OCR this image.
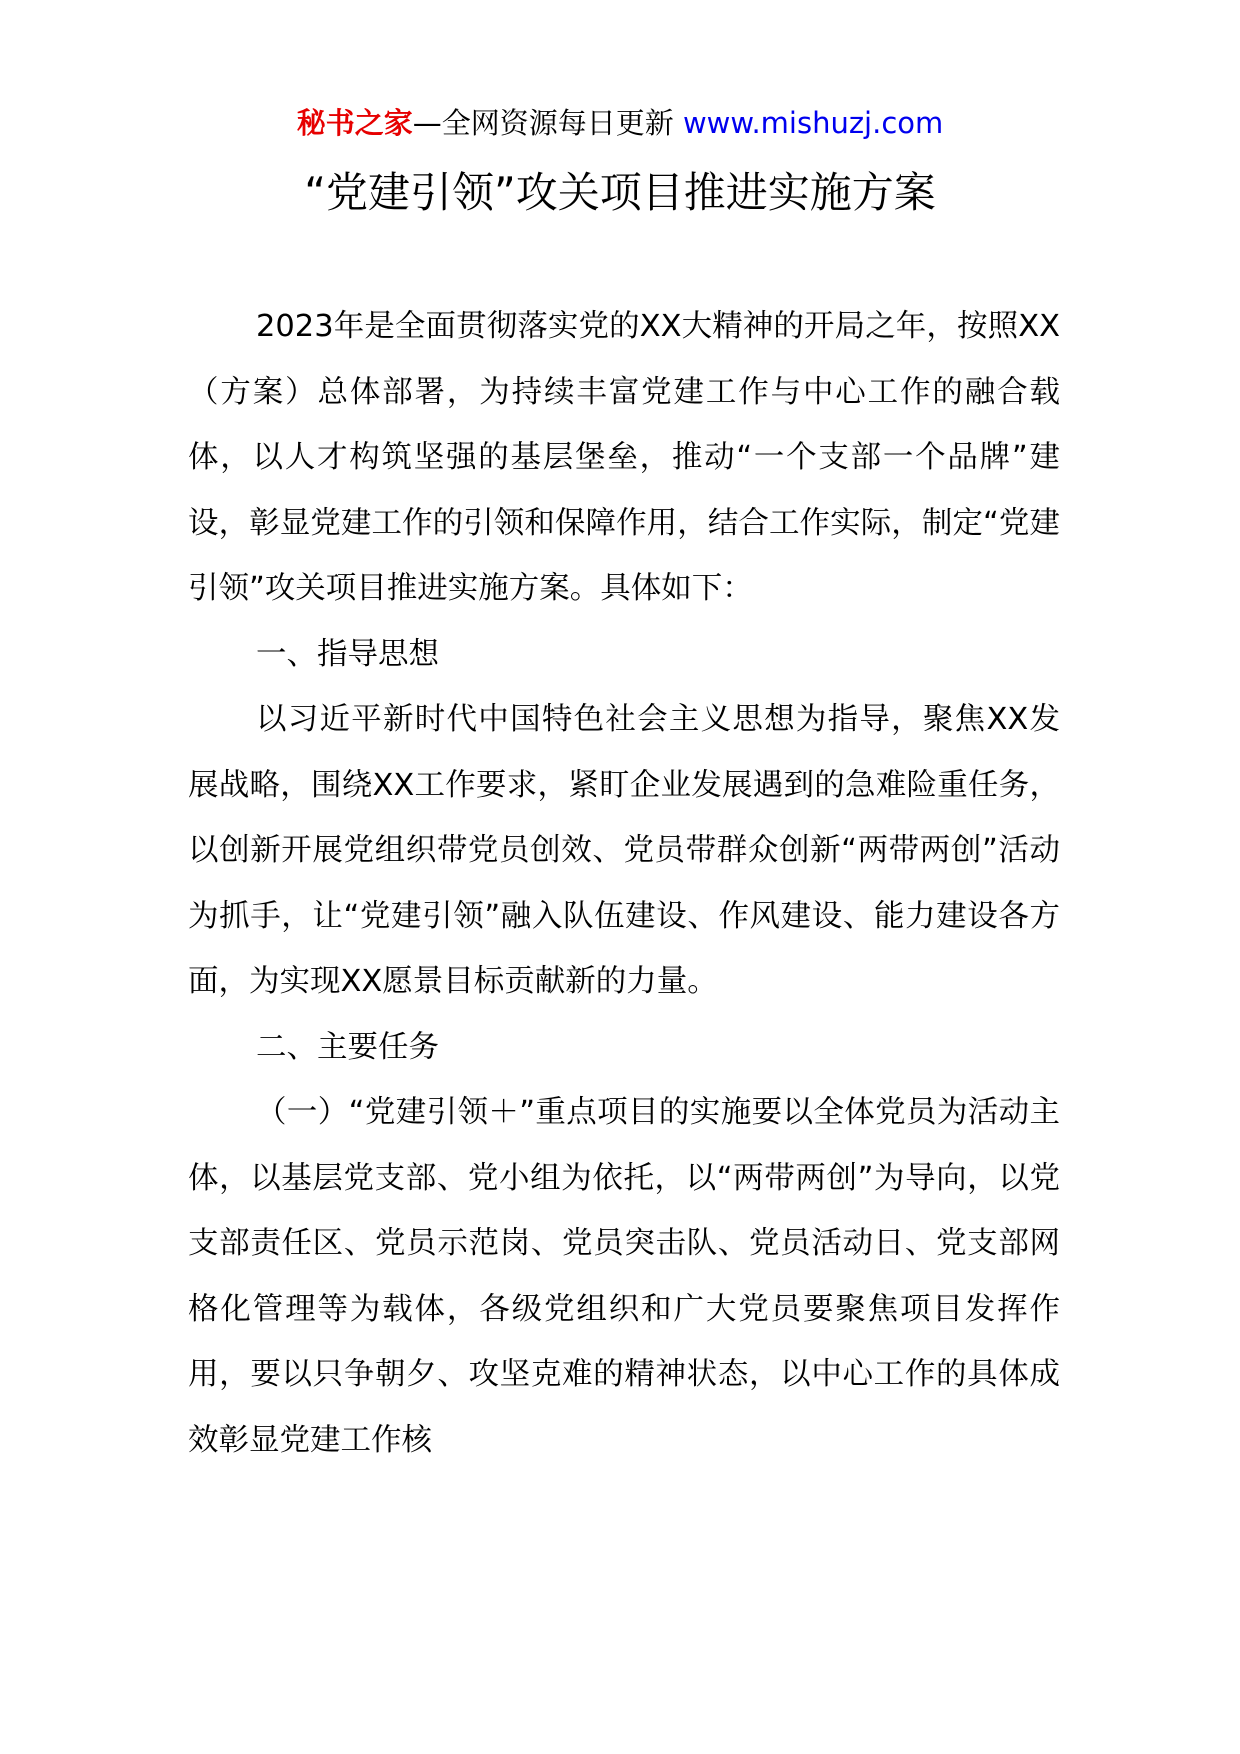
秘书之家—全网资源每日更新 www.mishuzj.com
“党建引领”攻关项目推进实施方案

2023年是全面贯彻落实党的XX大精神的开局之年，按照XX（方案）总体部署，为持续丰富党建工作与中心工作的融合载体，以人才构筑坚强的基层堡垒，推动“一个支部一个品牌”建设，彰显党建工作的引领和保障作用，结合工作实际，制定“党建引领”攻关项目推进实施方案。具体如下：

一、指导思想

以习近平新时代中国特色社会主义思想为指导，聚焦XX发展战略，围绕XX工作要求，紧盯企业发展遇到的急难险重任务，以创新开展党组织带党员创效、党员带群众创新“两带两创”活动为抓手，让“党建引领”融入队伍建设、作风建设、能力建设各方面，为实现XX愿景目标贡献新的力量。

二、主要任务

（一）“党建引领＋”重点项目的实施要以全体党员为活动主体，以基层党支部、党小组为依托，以“两带两创”为导向，以党支部责任区、党员示范岗、党员突击队、党员活动日、党支部网格化管理等为载体，各级党组织和广大党员要聚焦项目发挥作用，要以只争朝夕、攻坚克难的精神状态，以中心工作的具体成效彰显党建工作核
